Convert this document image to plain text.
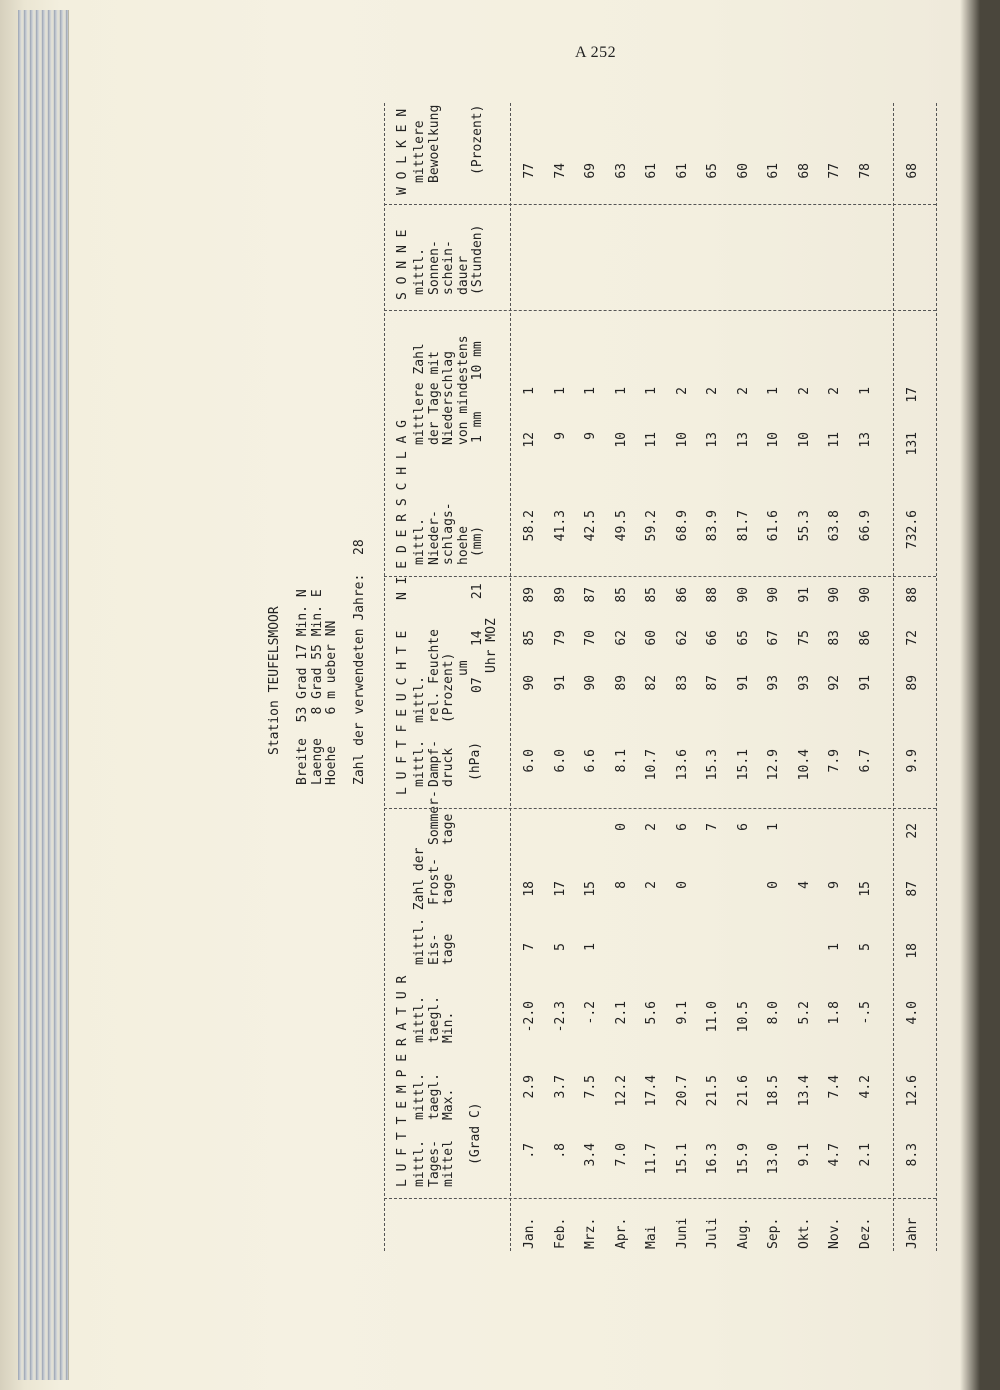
A 252
Station TEUFELSMOOR Breite  53 Grad 17 Min. N Laenge   8 Grad 55 Min. E Hoehe    6 m ueber NN Zahl der verwendeten Jahre:
28
L U F T T E M P E R A T U R
L U F T F E U C H T E
N I E D E R S C H L A G
S O N N E
W O L K E N
mittl.
Tages-
mittel
mittl.
taegl.
Max.
mittl.
taegl.
Min.
(Grad C)
mittl. Zahl der Eis-
tage
Frost-
tage
Sommer-
tage
mittl.
Dampf-
druck (hPa)
mittl.
rel. Feuchte
(Prozent)
um 07    14    21 Uhr MOZ
mittl.
Nieder-
schlags-
hoehe
(mm)
mittlere Zahl
der Tage mit
Niederschlag
von mindestens 1 mm    10 mm
mittl.
Sonnen-
schein-
dauer
(Stunden)
mittlere
Bewoelkung (Prozent)
Jan.
.7
2.9
-2.0
7
18
6.0
90
85
89
58.2
12
1
77
Feb.
.8
3.7
-2.3
5
17
6.0
91
79
89
41.3
9
1
74
Mrz.
3.4
7.5
-.2
1
15
6.6
90
70
87
42.5
9
1
69
Apr.
7.0
12.2
2.1
8
0
8.1
89
62
85
49.5
10
1
63
Mai
11.7
17.4
5.6
2
2
10.7
82
60
85
59.2
11
1
61
Juni
15.1
20.7
9.1
0
6
13.6
83
62
86
68.9
10
2
61
Juli
16.3
21.5
11.0
7
15.3
87
66
88
83.9
13
2
65
Aug.
15.9
21.6
10.5
6
15.1
91
65
90
81.7
13
2
60
Sep.
13.0
18.5
8.0
0
1
12.9
93
67
90
61.6
10
1
61
Okt.
9.1
13.4
5.2
4
10.4
93
75
91
55.3
10
2
68
Nov.
4.7
7.4
1.8
1
9
7.9
92
83
90
63.8
11
2
77
Dez.
2.1
4.2
-.5
5
15
6.7
91
86
90
66.9
13
1
78
Jahr
8.3
12.6
4.0
18
87
22
9.9
89
72
88
732.6
131
17
68
